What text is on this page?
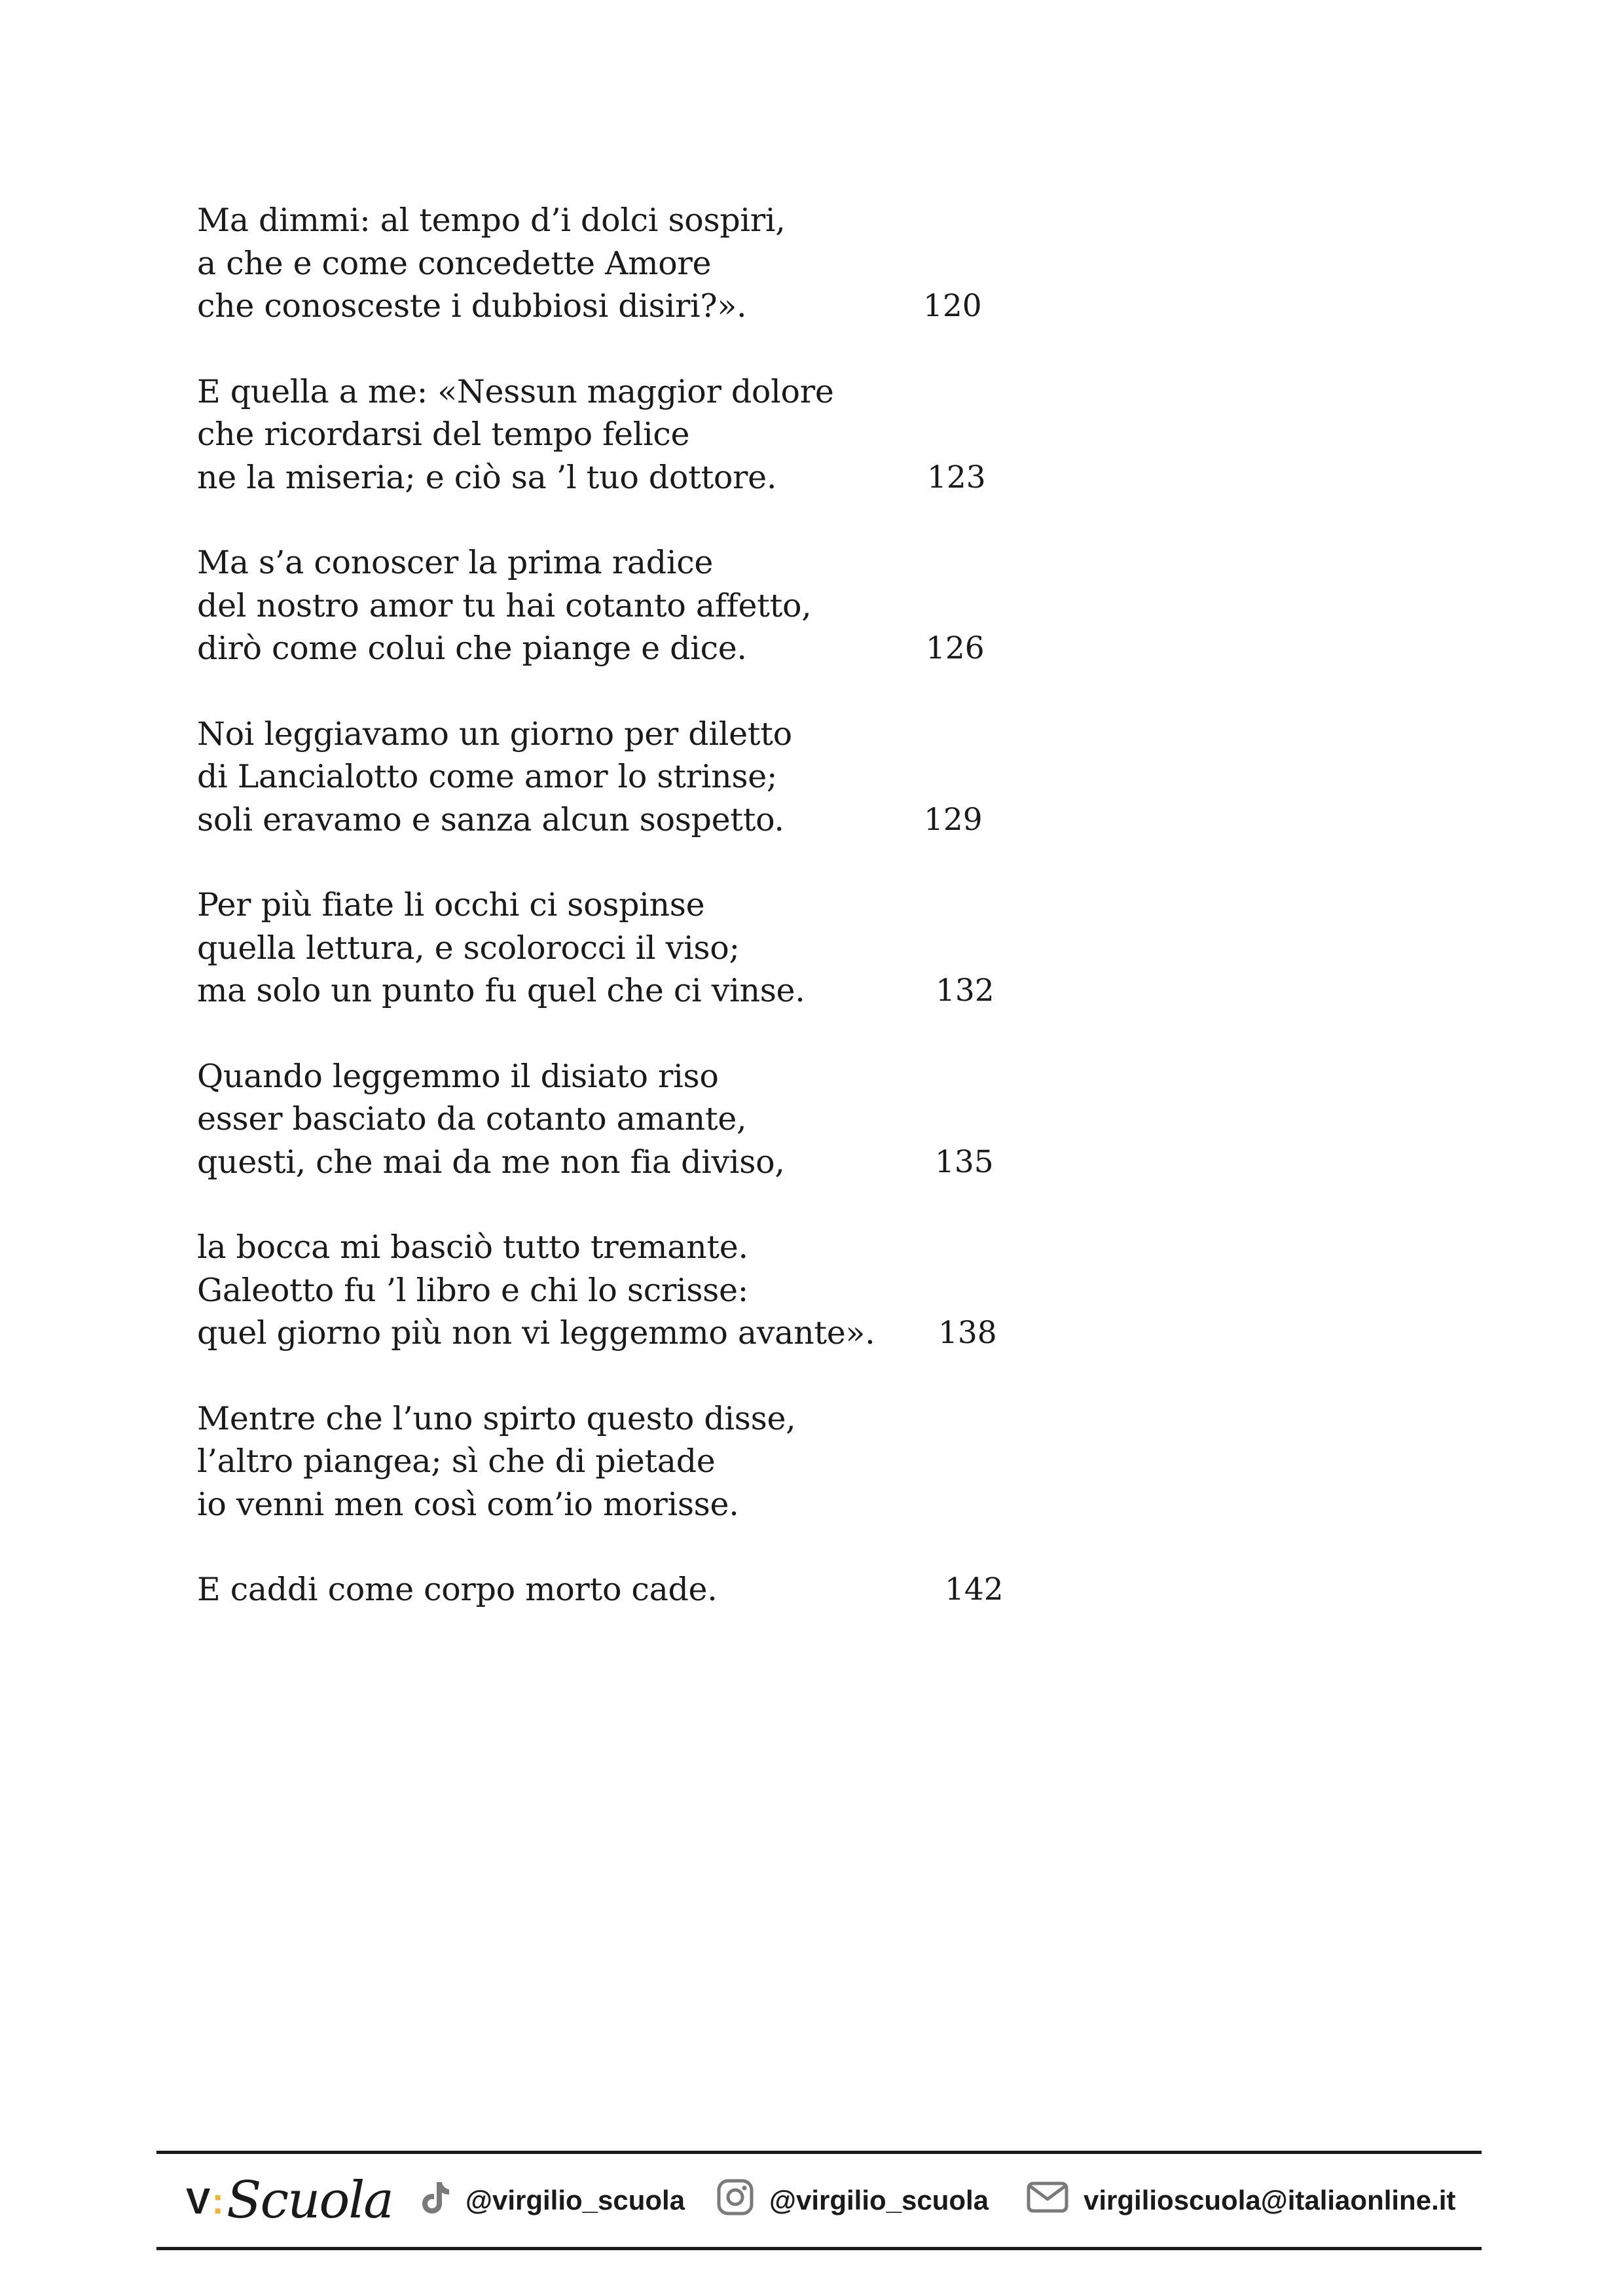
Ma dimmi: al tempo d’i dolci sospiri,
a che e come concedette Amore
che conosceste i dubbiosi disiri?».	120
E quella a me: «Nessun maggior dolore
che ricordarsi del tempo felice
ne la miseria; e ciò sa ’l tuo dottore.	123
Ma s’a conoscer la prima radice
del nostro amor tu hai cotanto affetto,
dirò come colui che piange e dice.	126
Noi leggiavamo un giorno per diletto
di Lancialotto come amor lo strinse;
soli eravamo e sanza alcun sospetto.	129
Per più fiate li occhi ci sospinse
quella lettura, e scolorocci il viso;
ma solo un punto fu quel che ci vinse.	132
Quando leggemmo il disiato riso
esser basciato da cotanto amante,
questi, che mai da me non fia diviso,	135
la bocca mi basciò tutto tremante.
Galeotto fu ’l libro e chi lo scrisse:
quel giorno più non vi leggemmo avante».	138
Mentre che l’uno spirto questo disse,
l’altro piangea; sì che di pietade
io venni men così com’io morisse.
E caddi come corpo morto cade.	142
V : Scuola	@virgilio_scuola	@virgilio_scuola	virgilioscuola@italiaonline.it
